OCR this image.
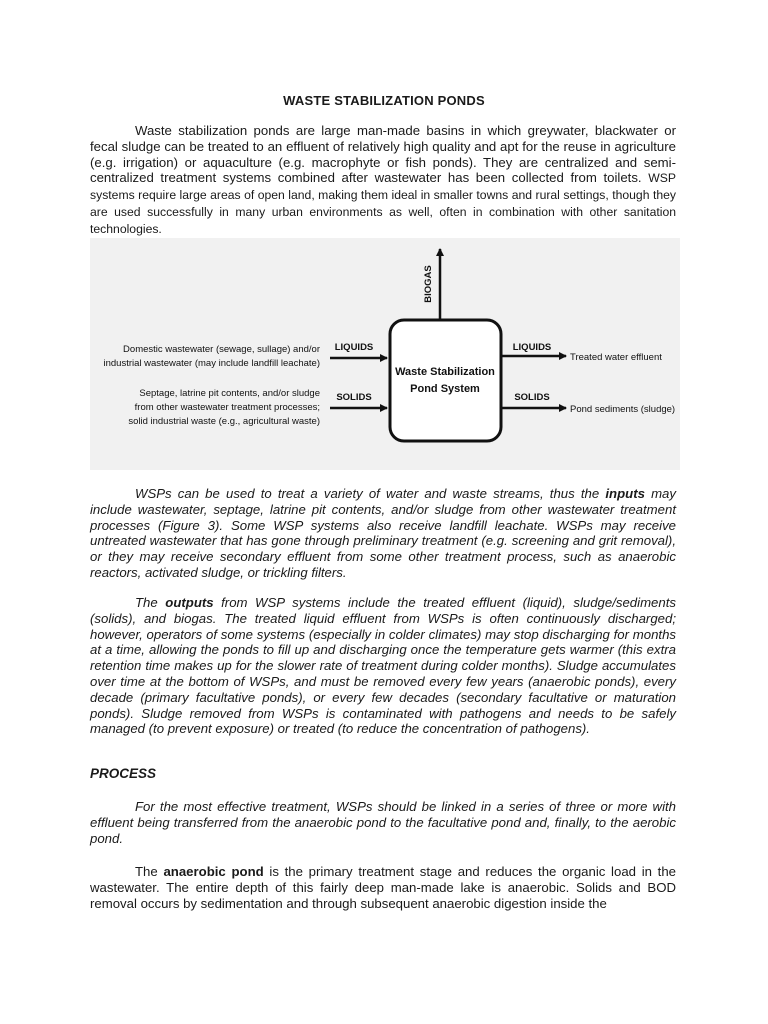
WASTE STABILIZATION PONDS

Waste stabilization ponds are large man-made basins in which greywater, blackwater or fecal sludge can be treated to an effluent of relatively high quality and apt for the reuse in agriculture (e.g. irrigation) or aquaculture (e.g. macrophyte or fish ponds). They are centralized and semi-centralized treatment systems combined after wastewater has been collected from toilets. WSP systems require large areas of open land, making them ideal in smaller towns and rural settings, though they are used successfully in many urban environments as well, often in combination with other sanitation technologies.

Domestic wastewater (sewage, sullage) and/or
industrial wastewater (may include landfill leachate)
Septage, latrine pit contents, and/or sludge
from other wastewater treatment processes;
solid industrial waste (e.g., agricultural waste)
LIQUIDS
SOLIDS
Waste Stabilization
Pond System
BIOGAS
LIQUIDS
SOLIDS
Treated water effluent
Pond sediments (sludge)

WSPs can be used to treat a variety of water and waste streams, thus the inputs may include wastewater, septage, latrine pit contents, and/or sludge from other wastewater treatment processes (Figure 3). Some WSP systems also receive landfill leachate. WSPs may receive untreated wastewater that has gone through preliminary treatment (e.g. screening and grit removal), or they may receive secondary effluent from some other treatment process, such as anaerobic reactors, activated sludge, or trickling filters.

The outputs from WSP systems include the treated effluent (liquid), sludge/sediments (solids), and biogas. The treated liquid effluent from WSPs is often continuously discharged; however, operators of some systems (especially in colder climates) may stop discharging for months at a time, allowing the ponds to fill up and discharging once the temperature gets warmer (this extra retention time makes up for the slower rate of treatment during colder months). Sludge accumulates over time at the bottom of WSPs, and must be removed every few years (anaerobic ponds), every decade (primary facultative ponds), or every few decades (secondary facultative or maturation ponds). Sludge removed from WSPs is contaminated with pathogens and needs to be safely managed (to prevent exposure) or treated (to reduce the concentration of pathogens).

PROCESS

For the most effective treatment, WSPs should be linked in a series of three or more with effluent being transferred from the anaerobic pond to the facultative pond and, finally, to the aerobic pond.

The anaerobic pond is the primary treatment stage and reduces the organic load in the wastewater. The entire depth of this fairly deep man-made lake is anaerobic. Solids and BOD removal occurs by sedimentation and through subsequent anaerobic digestion inside the
